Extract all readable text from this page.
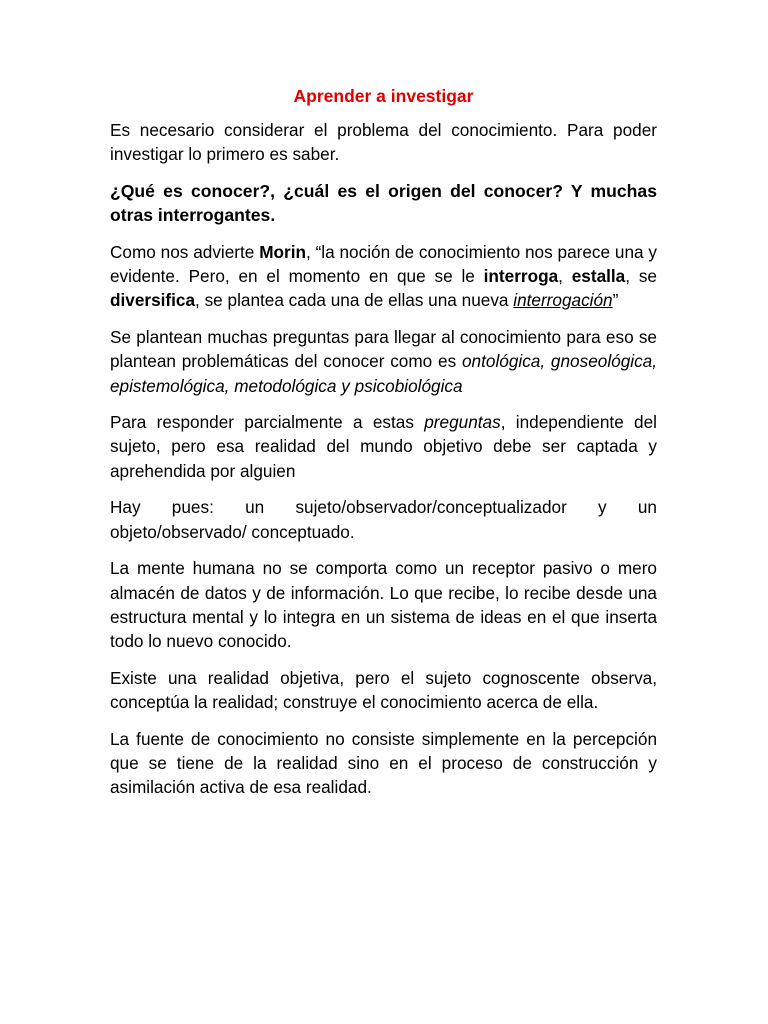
Aprender a investigar

Es necesario considerar el problema del conocimiento. Para poder investigar lo primero es saber.

¿Qué es conocer?, ¿cuál es el origen del conocer? Y muchas otras interrogantes.

Como nos advierte Morin, “la noción de conocimiento nos parece una y evidente. Pero, en el momento en que se le interroga, estalla, se diversifica, se plantea cada una de ellas una nueva interrogación”

Se plantean muchas preguntas para llegar al conocimiento para eso se plantean problemáticas del conocer como es ontológica, gnoseológica, epistemológica, metodológica y psicobiológica

Para responder parcialmente a estas preguntas, independiente del sujeto, pero esa realidad del mundo objetivo debe ser captada y aprehendida por alguien

Hay pues: un sujeto/observador/conceptualizador y un objeto/observado/ conceptuado.

La mente humana no se comporta como un receptor pasivo o mero almacén de datos y de información. Lo que recibe, lo recibe desde una estructura mental y lo integra en un sistema de ideas en el que inserta todo lo nuevo conocido.

Existe una realidad objetiva, pero el sujeto cognoscente observa, conceptúa la realidad; construye el conocimiento acerca de ella.

La fuente de conocimiento no consiste simplemente en la percepción que se tiene de la realidad sino en el proceso de construcción y asimilación activa de esa realidad.
